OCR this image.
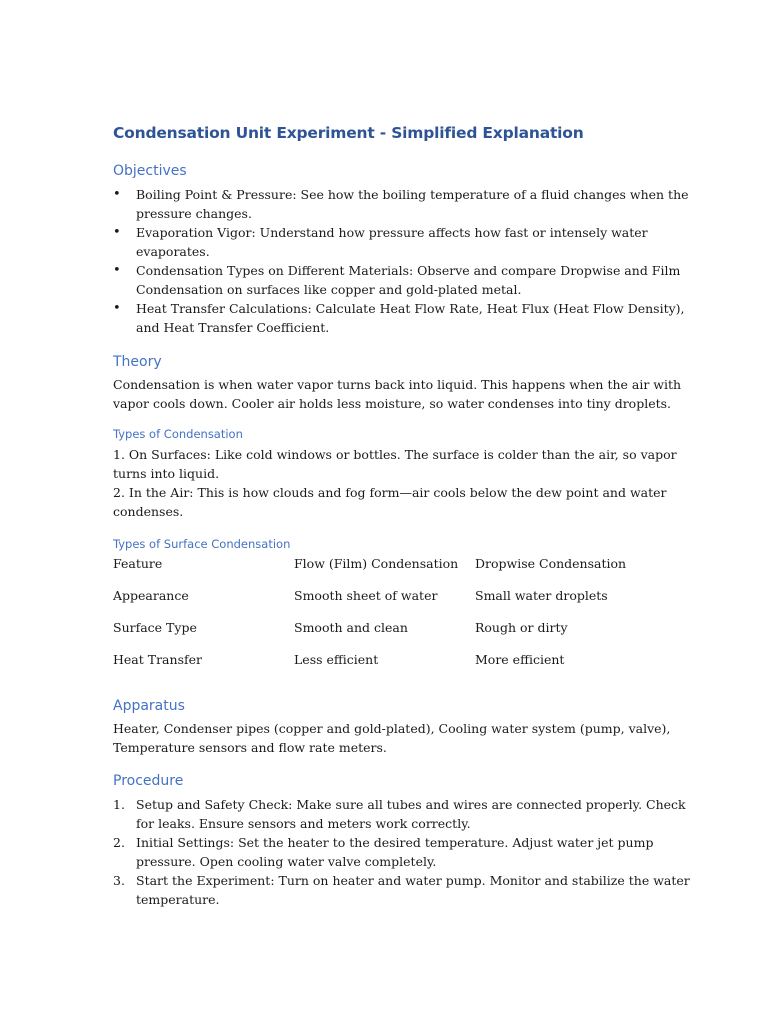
Condensation Unit Experiment - Simplified Explanation
Objectives
• Boiling Point & Pressure: See how the boiling temperature of a fluid changes when the
pressure changes.
• Evaporation Vigor: Understand how pressure affects how fast or intensely water
evaporates.
• Condensation Types on Different Materials: Observe and compare Dropwise and Film
Condensation on surfaces like copper and gold-plated metal.
• Heat Transfer Calculations: Calculate Heat Flow Rate, Heat Flux (Heat Flow Density),
and Heat Transfer Coefficient.
Theory

Condensation is when water vapor turns back into liquid. This happens when the air with
vapor cools down. Cooler air holds less moisture, so water condenses into tiny droplets.

Types of Condensation

1. On Surfaces: Like cold windows or bottles. The surface is colder than the air, so vapor
turns into liquid.
2. In the Air: This is how clouds and fog form—air cools below the dew point and water
condenses.

Types of Surface Condensation
Feature	Flow (Film) Condensation	Dropwise Condensation
Appearance	Smooth sheet of water	Small water droplets
Surface Type	Smooth and clean	Rough or dirty
Heat Transfer	Less efficient	More efficient
Apparatus

Heater, Condenser pipes (copper and gold-plated), Cooling water system (pump, valve),
Temperature sensors and flow rate meters.

Procedure
1. Setup and Safety Check: Make sure all tubes and wires are connected properly. Check
for leaks. Ensure sensors and meters work correctly.
2. Initial Settings: Set the heater to the desired temperature. Adjust water jet pump
pressure. Open cooling water valve completely.
3. Start the Experiment: Turn on heater and water pump. Monitor and stabilize the water
temperature.
